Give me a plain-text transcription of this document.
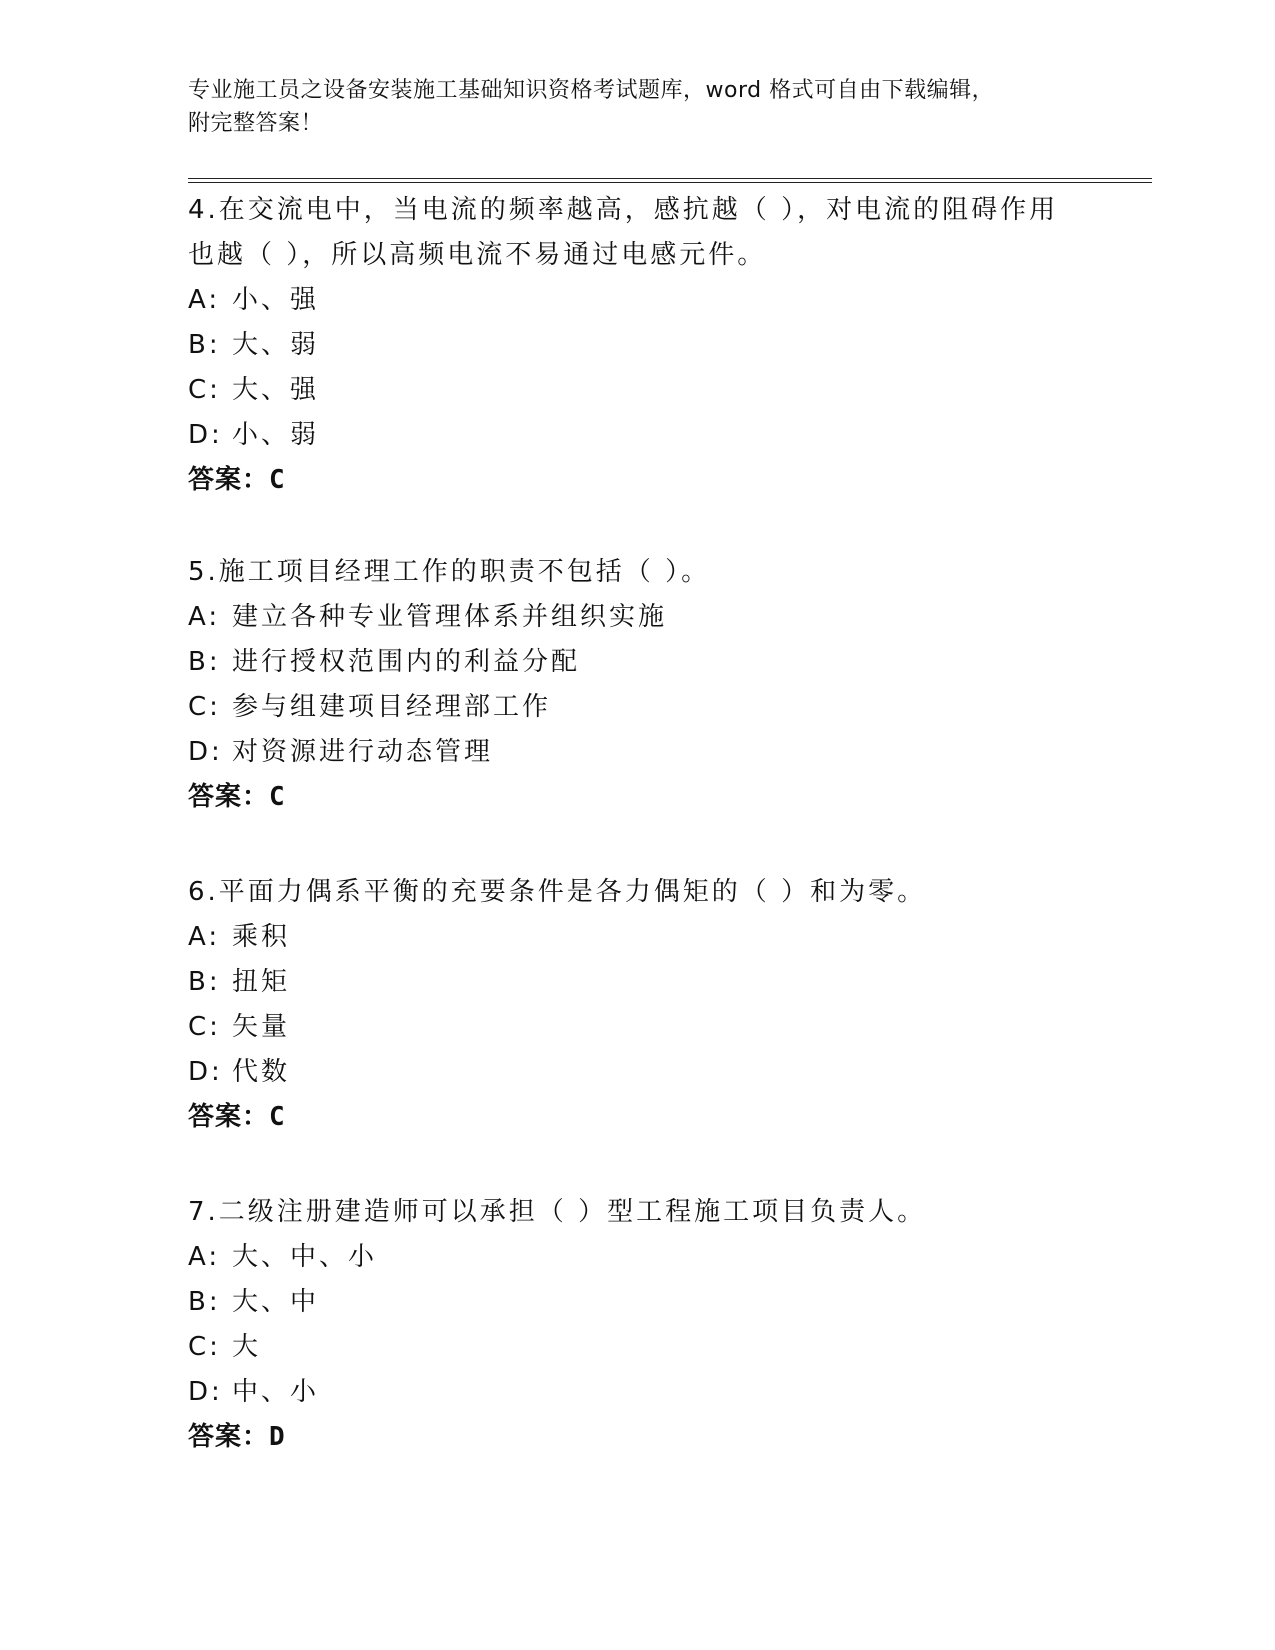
专业施工员之设备安装施工基础知识资格考试题库，word 格式可自由下载编辑，
附完整答案！
4.在交流电中，当电流的频率越高，感抗越（ ），对电流的阻碍作用
也越（ ），所以高频电流不易通过电感元件。
A: 小、强
B: 大、弱
C: 大、强
D: 小、弱
答案：C
5.施工项目经理工作的职责不包括（ ）。
A: 建立各种专业管理体系并组织实施
B: 进行授权范围内的利益分配
C: 参与组建项目经理部工作
D: 对资源进行动态管理
答案：C
6.平面力偶系平衡的充要条件是各力偶矩的（ ）和为零。
A: 乘积
B: 扭矩
C: 矢量
D: 代数
答案：C
7.二级注册建造师可以承担（ ）型工程施工项目负责人。
A: 大、中、小
B: 大、中
C: 大
D: 中、小
答案：D
